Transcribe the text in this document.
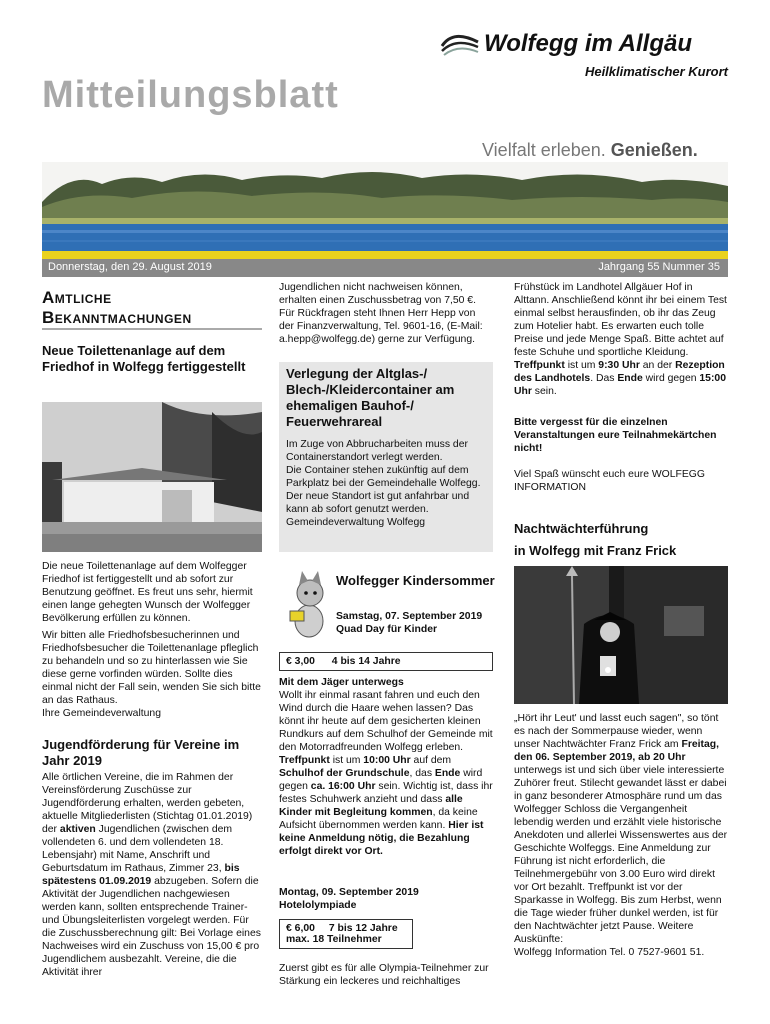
Wolfegg im Allgäu
Heilklimatischer Kurort
Mitteilungsblatt
Vielfalt erleben. Genießen.
Donnerstag, den 29. August 2019	Jahrgang 55 Nummer 35
Amtliche
Bekanntmachungen
Neue Toilettenanlage auf dem Friedhof in Wolfegg fertiggestellt

Die neue Toilettenanlage auf dem Wolfegger Friedhof ist fertiggestellt und ab sofort zur Benutzung geöffnet. Es freut uns sehr, hiermit einen lange gehegten Wunsch der Wolfegger Bevölkerung erfüllen zu können.

Wir bitten alle Friedhofsbesucherinnen und Friedhofsbesucher die Toilettenanlage pfleglich zu behandeln und so zu hinterlassen wie Sie diese gerne vorfinden würden. Sollte dies einmal nicht der Fall sein, wenden Sie sich bitte an das Rathaus.

Ihre Gemeindeverwaltung

Jugendförderung für Vereine im Jahr 2019

Alle örtlichen Vereine, die im Rahmen der Vereinsförderung Zuschüsse zur Jugendförderung erhalten, werden gebeten, aktuelle Mitgliederlisten (Stichtag 01.01.2019) der aktiven Jugendlichen (zwischen dem vollendeten 6. und dem vollendeten 18. Lebensjahr) mit Name, Anschrift und Geburtsdatum im Rathaus, Zimmer 23, bis spätestens 01.09.2019 abzugeben. Sofern die Aktivität der Jugendlichen nachgewiesen werden kann, sollten entsprechende Trainer- und Übungsleiterlisten vorgelegt werden. Für die Zuschussberechnung gilt: Bei Vorlage eines Nachweises wird ein Zuschuss von 15,00 € pro Jugendlichem ausbezahlt. Vereine, die die Aktivität ihrer

Jugendlichen nicht nachweisen können, erhalten einen Zuschussbetrag von 7,50 €. Für Rückfragen steht Ihnen Herr Hepp von der Finanzverwaltung, Tel. 9601-16, (E-Mail: a.hepp@wolfegg.de) gerne zur Verfügung.

Verlegung der Altglas-/ Blech-/Kleidercontainer am ehemaligen Bauhof-/ Feuerwehrareal

Im Zuge von Abbrucharbeiten muss der Containerstandort verlegt werden.

Die Container stehen zukünftig auf dem Parkplatz bei der Gemeindehalle Wolfegg.

Der neue Standort ist gut anfahrbar und kann ab sofort genutzt werden.

Gemeindeverwaltung Wolfegg

Wolfegger Kindersommer

Samstag, 07. September 2019

Quad Day für Kinder

€ 3,00 4 bis 14 Jahre

Mit dem Jäger unterwegs

Wollt ihr einmal rasant fahren und euch den Wind durch die Haare wehen lassen? Das könnt ihr heute auf dem gesicherten kleinen Rundkurs auf dem Schulhof der Gemeinde mit den Motorradfreunden Wolfegg erleben. Treffpunkt ist um 10:00 Uhr auf dem Schulhof der Grundschule, das Ende wird gegen ca. 16:00 Uhr sein. Wichtig ist, dass ihr festes Schuhwerk anzieht und dass alle Kinder mit Begleitung kommen, da keine Aufsicht übernommen werden kann. Hier ist keine Anmeldung nötig, die Bezahlung erfolgt direkt vor Ort.

Montag, 09. September 2019

Hotelolympiade

€ 6,00 7 bis 12 Jahre
max. 18 Teilnehmer

Zuerst gibt es für alle Olympia-Teilnehmer zur Stärkung ein leckeres und reichhaltiges

Frühstück im Landhotel Allgäuer Hof in Alttann. Anschließend könnt ihr bei einem Test einmal selbst herausfinden, ob ihr das Zeug zum Hotelier habt. Es erwarten euch tolle Preise und jede Menge Spaß. Bitte achtet auf feste Schuhe und sportliche Kleidung. Treffpunkt ist um 9:30 Uhr an der Rezeption des Landhotels. Das Ende wird gegen 15:00 Uhr sein.

Bitte vergesst für die einzelnen Veranstaltungen eure Teilnahmekärtchen nicht!

Viel Spaß wünscht euch eure WOLFEGG INFORMATION

Nachtwächterführung
in Wolfegg mit Franz Frick

„Hört ihr Leut' und lasst euch sagen", so tönt es nach der Sommerpause wieder, wenn unser Nachtwächter Franz Frick am Freitag, den 06. September 2019, ab 20 Uhr unterwegs ist und sich über viele interessierte Zuhörer freut. Stilecht gewandet lässt er dabei in ganz besonderer Atmosphäre rund um das Wolfegger Schloss die Vergangenheit lebendig werden und erzählt viele historische Anekdoten und allerlei Wissenswertes aus der Geschichte Wolfeggs. Eine Anmeldung zur Führung ist nicht erforderlich, die Teilnehmergebühr von 3.00 Euro wird direkt vor Ort bezahlt. Treffpunkt ist vor der Sparkasse in Wolfegg. Bis zum Herbst, wenn die Tage wieder früher dunkel werden, ist für den Nachtwächter jetzt Pause. Weitere Auskünfte:

Wolfegg Information Tel. 0 7527-9601 51.
